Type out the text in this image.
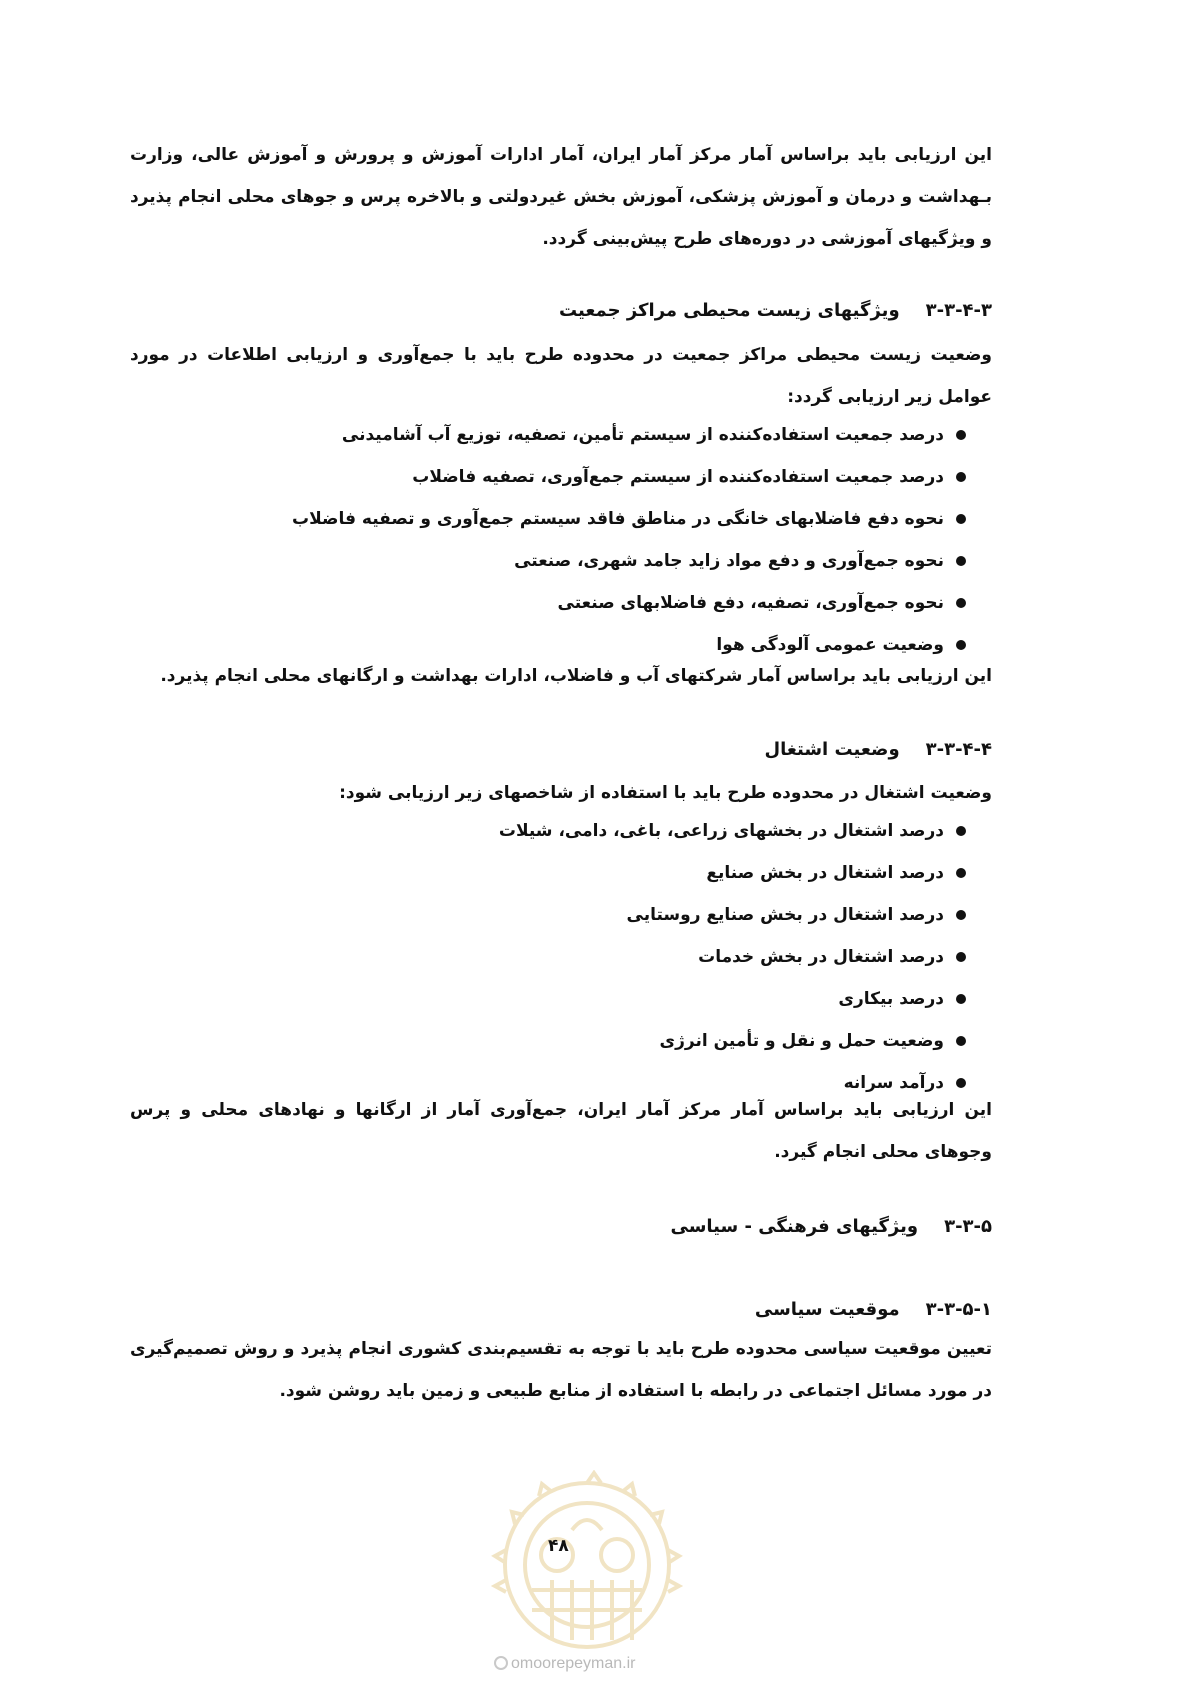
این ارزیابی باید براساس آمار مرکز آمار ایران، آمار ادارات آموزش و پرورش و آموزش عالی، وزارت بـهداشت و درمان و آموزش پزشکی، آموزش بخش غیردولتی و بالاخره پرس و جوهای محلی انجام پذیرد و ویژگیهای آموزشی در دوره‌های طرح پیش‌بینی گردد.
۳-۳-۴-۳ویژگیهای زیست محیطی مراکز جمعیت
وضعیت زیست محیطی مراکز جمعیت در محدوده طرح باید با جمع‌آوری و ارزیابی اطلاعات در مورد عوامل زیر ارزیابی گردد:
درصد جمعیت استفاده‌کننده از سیستم تأمین، تصفیه، توزیع آب آشامیدنی
درصد جمعیت استفاده‌کننده از سیستم جمع‌آوری، تصفیه فاضلاب
نحوه دفع فاضلابهای خانگی در مناطق فاقد سیستم جمع‌آوری و تصفیه فاضلاب
نحوه جمع‌آوری و دفع مواد زاید جامد شهری، صنعتی
نحوه جمع‌آوری، تصفیه، دفع فاضلابهای صنعتی
وضعیت عمومی آلودگی هوا
این ارزیابی باید براساس آمار شرکتهای آب و فاضلاب، ادارات بهداشت و ارگانهای محلی انجام پذیرد.
۳-۳-۴-۴وضعیت اشتغال
وضعیت اشتغال در محدوده طرح باید با استفاده از شاخصهای زیر ارزیابی شود:
درصد اشتغال در بخشهای زراعی، باغی، دامی، شیلات
درصد اشتغال در بخش صنایع
درصد اشتغال در بخش صنایع روستایی
درصد اشتغال در بخش خدمات
درصد بیکاری
وضعیت حمل و نقل و تأمین انرژی
درآمد سرانه
این ارزیابی باید براساس آمار مرکز آمار ایران، جمع‌آوری آمار از ارگانها و نهادهای محلی و پرس وجوهای محلی انجام گیرد.
۳-۳-۵ویژگیهای فرهنگی - سیاسی
۳-۳-۵-۱موقعیت سیاسی
تعیین موقعیت سیاسی محدوده طرح باید با توجه به تقسیم‌بندی کشوری انجام پذیرد و روش تصمیم‌گیری در مورد مسائل اجتماعی در رابطه با استفاده از منابع طبیعی و زمین باید روشن شود.
۴۸
omoorepeyman.ir
